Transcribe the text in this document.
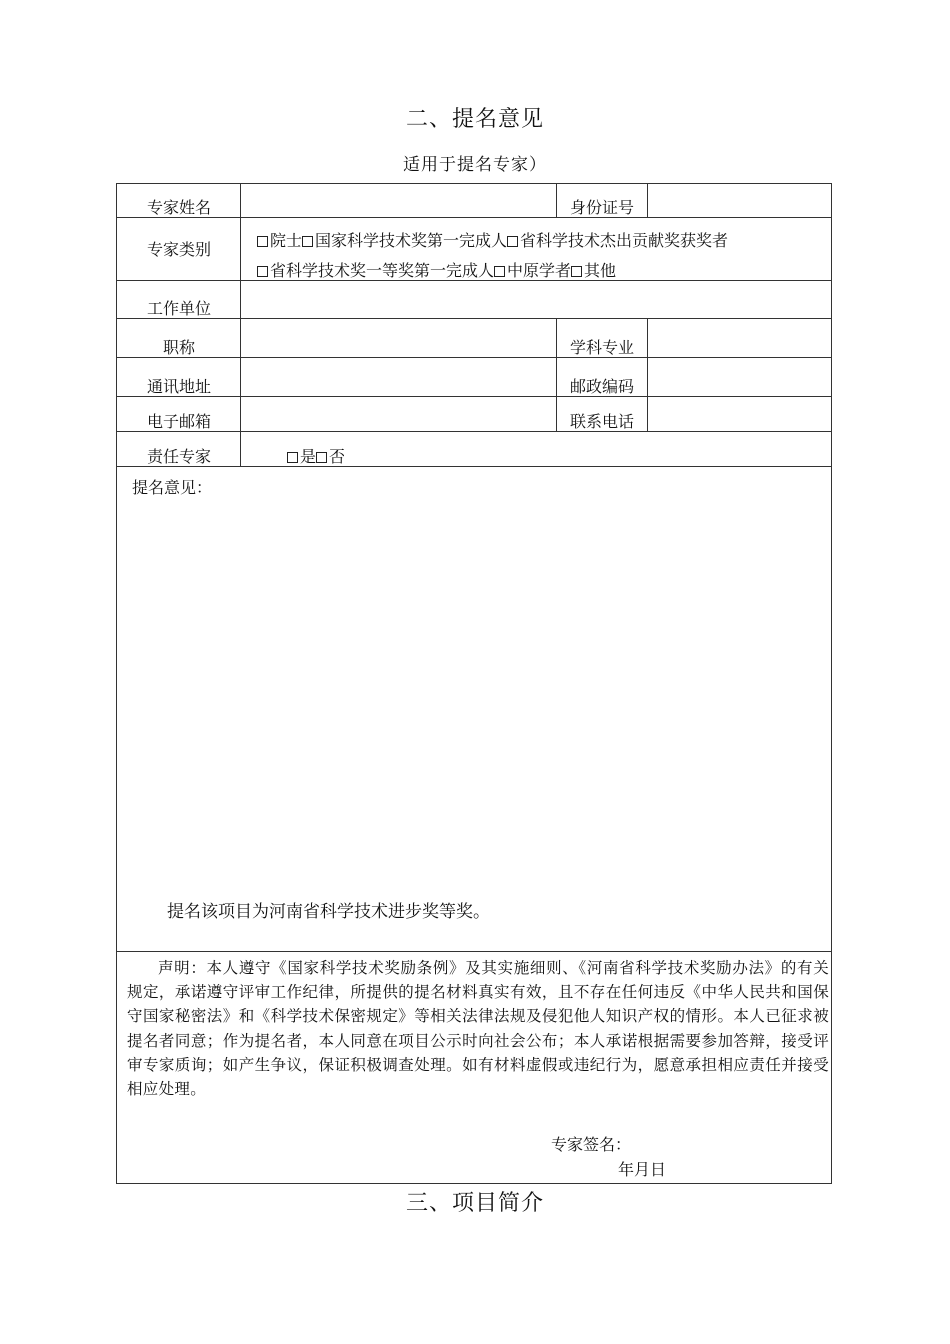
二、提名意见
适用于提名专家）
专家姓名	身份证号
专家类别	院士 国家科学技术奖第一完成人 省科学技术杰出贡献奖获奖者
省科学技术奖一等奖第一完成人 中原学者 其他
工作单位
职称	学科专业
通讯地址	邮政编码
电子邮箱	联系电话
责任专家	是 否
提名意见：
提名该项目为河南省科学技术进步奖等奖。
声明：本人遵守《国家科学技术奖励条例》及其实施细则、《河南省科学技术奖励办法》的有关规定，承诺遵守评审工作纪律，所提供的提名材料真实有效，且不存在任何违反《中华人民共和国保守国家秘密法》和《科学技术保密规定》等相关法律法规及侵犯他人知识产权的情形。本人已征求被提名者同意；作为提名者，本人同意在项目公示时向社会公布；本人承诺根据需要参加答辩，接受评审专家质询；如产生争议，保证积极调查处理。如有材料虚假或违纪行为，愿意承担相应责任并接受相应处理。
专家签名：
年月日
三、项目简介
